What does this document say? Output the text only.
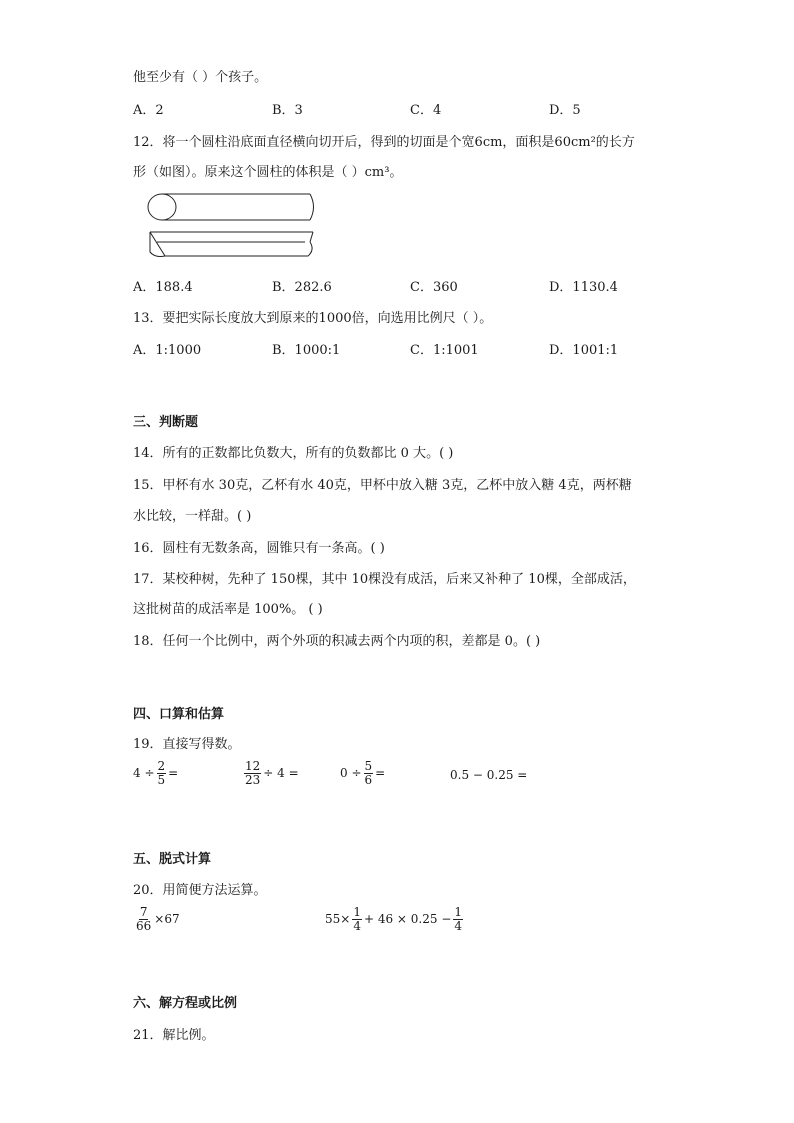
他至少有（ ）个孩子。
A．2	B．3	C．4	D．5
12．将一个圆柱沿底面直径横向切开后，得到的切面是个宽6cm，面积是60cm²的长方
形（如图）。原来这个圆柱的体积是（ ）cm³。
A．188.4	B．282.6	C．360	D．1130.4
13．要把实际长度放大到原来的1000倍，向选用比例尺（ ）。
A．1:1000	B．1000:1	C．1:1001	D．1001:1
三、判断题
14．所有的正数都比负数大，所有的负数都比 0 大。( )
15．甲杯有水 30克，乙杯有水 40克，甲杯中放入糖 3克，乙杯中放入糖 4克，两杯糖
水比较，一样甜。( )
16．圆柱有无数条高，圆锥只有一条高。( )
17．某校种树，先种了 150棵，其中 10棵没有成活，后来又补种了 10棵，全部成活，
这批树苗的成活率是 100%。 ( )
18．任何一个比例中，两个外项的积减去两个内项的积，差都是 0。( )
四、口算和估算
19．直接写得数。
$4 \div \frac{2}{5}$ =	$\frac{12}{23} \div 4$ =	$0 \div \frac{5}{6}$ =	0.5 − 0.25 =
五、脱式计算
20．用简便方法运算。
$\frac{7}{66} \times 67$	$55\times \frac{1}{4} + 46 \times 0.25 - \frac{1}{4}$
六、解方程或比例
21．解比例。
